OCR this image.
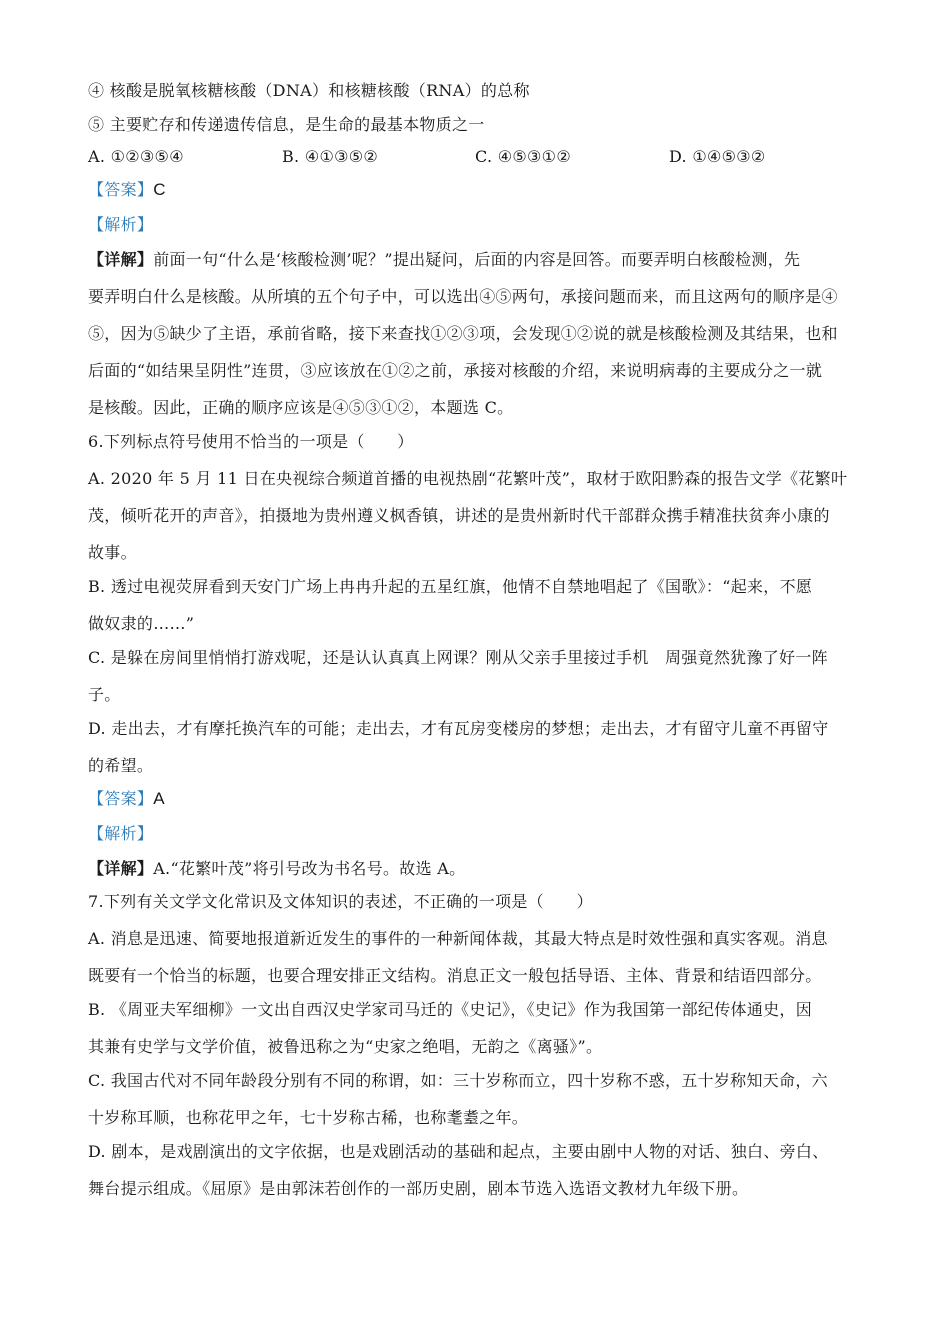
④ 核酸是脱氧核糖核酸（DNA）和核糖核酸（RNA）的总称
⑤ 主要贮存和传递遗传信息，是生命的最基本物质之一
A. ①②③⑤④	B. ④①③⑤②	C. ④⑤③①②	D. ①④⑤③②
【答案】C
【解析】
【详解】前面一句“什么是‘核酸检测’呢？”提出疑问，后面的内容是回答。而要弄明白核酸检测，先
要弄明白什么是核酸。从所填的五个句子中，可以选出④⑤两句，承接问题而来，而且这两句的顺序是④
⑤，因为⑤缺少了主语，承前省略，接下来查找①②③项，会发现①②说的就是核酸检测及其结果，也和
后面的“如结果呈阴性”连贯，③应该放在①②之前，承接对核酸的介绍，来说明病毒的主要成分之一就
是核酸。因此，正确的顺序应该是④⑤③①②，本题选 C。
6.下列标点符号使用不恰当的一项是（　　）
A. 2020 年 5 月 11 日在央视综合频道首播的电视热剧“花繁叶茂”，取材于欧阳黔森的报告文学《花繁叶
茂，倾听花开的声音》，拍摄地为贵州遵义枫香镇，讲述的是贵州新时代干部群众携手精准扶贫奔小康的
故事。
B. 透过电视荧屏看到天安门广场上冉冉升起的五星红旗，他情不自禁地唱起了《国歌》：“起来，不愿
做奴隶的……”
C. 是躲在房间里悄悄打游戏呢，还是认认真真上网课？刚从父亲手里接过手机　周强竟然犹豫了好一阵
子。
D. 走出去，才有摩托换汽车的可能；走出去，才有瓦房变楼房的梦想；走出去，才有留守儿童不再留守
的希望。
【答案】A
【解析】
【详解】A.“花繁叶茂”将引号改为书名号。故选 A。
7.下列有关文学文化常识及文体知识的表述，不正确的一项是（　　）
A. 消息是迅速、简要地报道新近发生的事件的一种新闻体裁，其最大特点是时效性强和真实客观。消息
既要有一个恰当的标题，也要合理安排正文结构。消息正文一般包括导语、主体、背景和结语四部分。
B. 《周亚夫军细柳》一文出自西汉史学家司马迁的《史记》，《史记》作为我国第一部纪传体通史，因
其兼有史学与文学价值，被鲁迅称之为“史家之绝唱，无韵之《离骚》”。
C. 我国古代对不同年龄段分别有不同的称谓，如：三十岁称而立，四十岁称不惑，五十岁称知天命，六
十岁称耳顺，也称花甲之年，七十岁称古稀，也称耄耋之年。
D. 剧本，是戏剧演出的文字依据，也是戏剧活动的基础和起点，主要由剧中人物的对话、独白、旁白、
舞台提示组成。《屈原》是由郭沫若创作的一部历史剧，剧本节选入选语文教材九年级下册。
